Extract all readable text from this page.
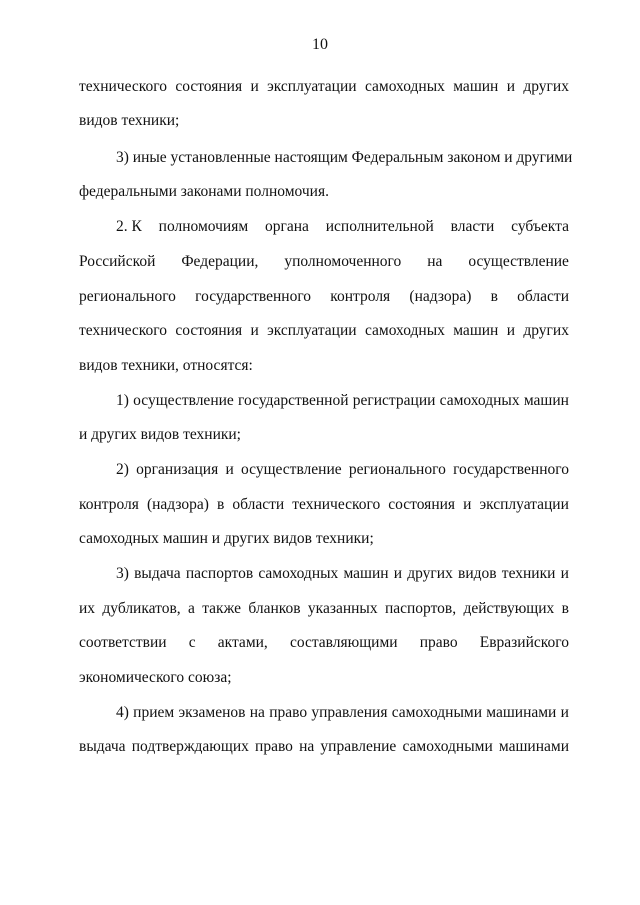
10
технического состояния и эксплуатации самоходных машин и других
видов техники;
3) иные установленные настоящим Федеральным законом и другими
федеральными законами полномочия.
2. К полномочиям органа исполнительной власти субъекта
Российской Федерации, уполномоченного на осуществление
регионального государственного контроля (надзора) в области
технического состояния и эксплуатации самоходных машин и других
видов техники, относятся:
1) осуществление государственной регистрации самоходных машин
и других видов техники;
2) организация и осуществление регионального государственного
контроля (надзора) в области технического состояния и эксплуатации
самоходных машин и других видов техники;
3) выдача паспортов самоходных машин и других видов техники и
их дубликатов, а также бланков указанных паспортов, действующих в
соответствии с актами, составляющими право Евразийского
экономического союза;
4) прием экзаменов на право управления самоходными машинами и
выдача подтверждающих право на управление самоходными машинами
